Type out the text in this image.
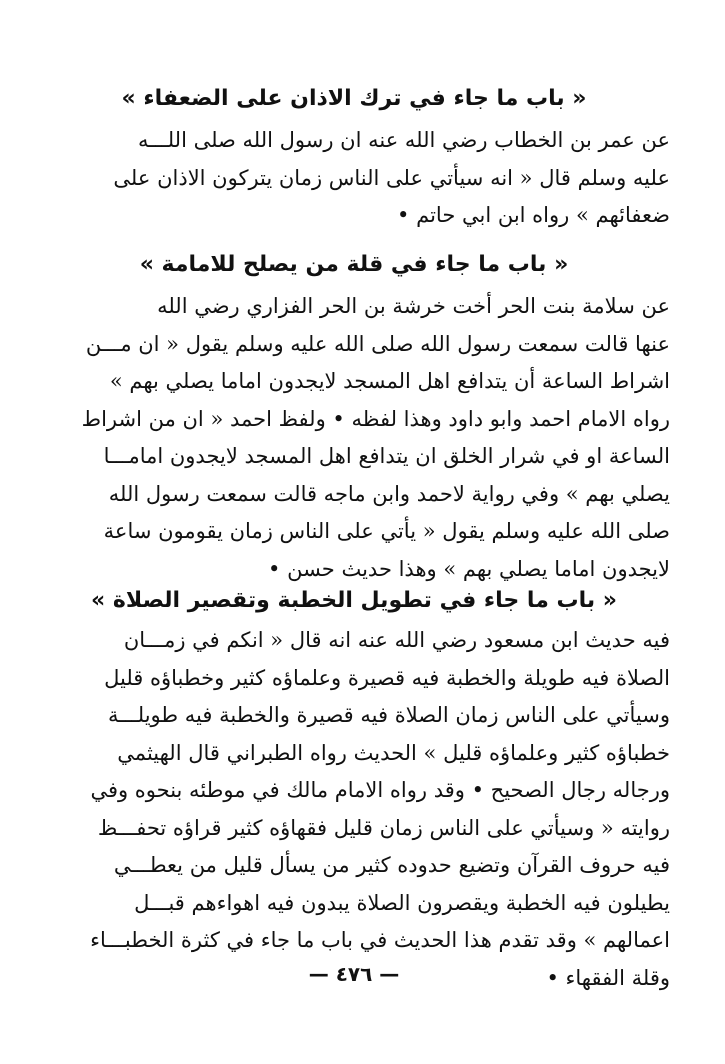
« باب ما جاء في ترك الاذان على الضعفاء »
عن عمر بن الخطاب رضي الله عنه ان رسول الله صلى اللـــه
عليه وسلم قال « انه سيأتي على الناس زمان يتركون الاذان على
ضعفائهم » رواه ابن ابي حاتم •
« باب ما جاء في قلة من يصلح للامامة »
عن سلامة بنت الحر أخت خرشة بن الحر الفزاري رضي الله
عنها قالت سمعت رسول الله صلى الله عليه وسلم يقول « ان مـــن
اشراط الساعة أن يتدافع اهل المسجد لايجدون اماما يصلي بهم »
رواه الامام احمد وابو داود وهذا لفظه • ولفظ احمد « ان من اشراط
الساعة او في شرار الخلق ان يتدافع اهل المسجد لايجدون امامـــا
يصلي بهم » وفي رواية لاحمد وابن ماجه قالت سمعت رسول الله
صلى الله عليه وسلم يقول « يأتي على الناس زمان يقومون ساعة
لايجدون اماما يصلي بهم » وهذا حديث حسن •
« باب ما جاء في تطويل الخطبة وتقصير الصلاة »
فيه حديث ابن مسعود رضي الله عنه انه قال « انكم في زمـــان
الصلاة فيه طويلة والخطبة فيه قصيرة وعلماؤه كثير وخطباؤه قليل
وسيأتي على الناس زمان الصلاة فيه قصيرة والخطبة فيه طويلـــة
خطباؤه كثير وعلماؤه قليل » الحديث رواه الطبراني قال الهيثمي
ورجاله رجال الصحيح • وقد رواه الامام مالك في موطئه بنحوه وفي
روايته « وسيأتي على الناس زمان قليل فقهاؤه كثير قراؤه تحفـــظ
فيه حروف القرآن وتضيع حدوده كثير من يسأل قليل من يعطـــي
يطيلون فيه الخطبة ويقصرون الصلاة يبدون فيه اهواءهم قبـــل
اعمالهم » وقد تقدم هذا الحديث في باب ما جاء في كثرة الخطبـــاء
وقلة الفقهاء •
— ٤٧٦ —
